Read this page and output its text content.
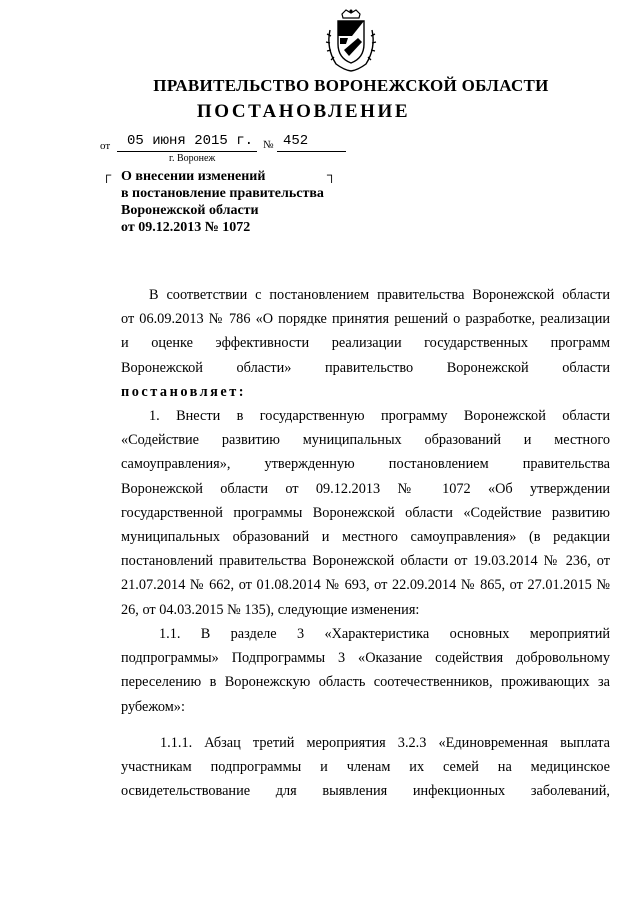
ПРАВИТЕЛЬСТВО ВОРОНЕЖСКОЙ ОБЛАСТИ
ПОСТАНОВЛЕНИЕ
от 05 июня 2015 г. № 452
г. Воронеж
┌	┐
О внесении изменений
в постановление правительства
Воронежской области
от 09.12.2013 № 1072
В соответствии с постановлением правительства Воронежской области
от 06.09.2013 № 786 «О порядке принятия решений о разработке, реализации
и оценке эффективности реализации государственных программ
Воронежской области» правительство Воронежской области
постановляет:
1. Внести в государственную программу Воронежской области
«Содействие развитию муниципальных образований и местного
самоуправления», утвержденную постановлением правительства
Воронежской области от 09.12.2013 № 1072 «Об утверждении
государственной программы Воронежской области «Содействие развитию
муниципальных образований и местного самоуправления» (в редакции
постановлений правительства Воронежской области от 19.03.2014 № 236, от
21.07.2014 № 662, от 01.08.2014 № 693, от 22.09.2014 № 865, от 27.01.2015 №
26, от 04.03.2015 № 135), следующие изменения:
1.1. В разделе 3 «Характеристика основных мероприятий
подпрограммы» Подпрограммы 3 «Оказание содействия добровольному
переселению в Воронежскую область соотечественников, проживающих за
рубежом»:
1.1.1. Абзац третий мероприятия 3.2.3 «Единовременная выплата
участникам подпрограммы и членам их семей на медицинское
освидетельствование для выявления инфекционных заболеваний,
